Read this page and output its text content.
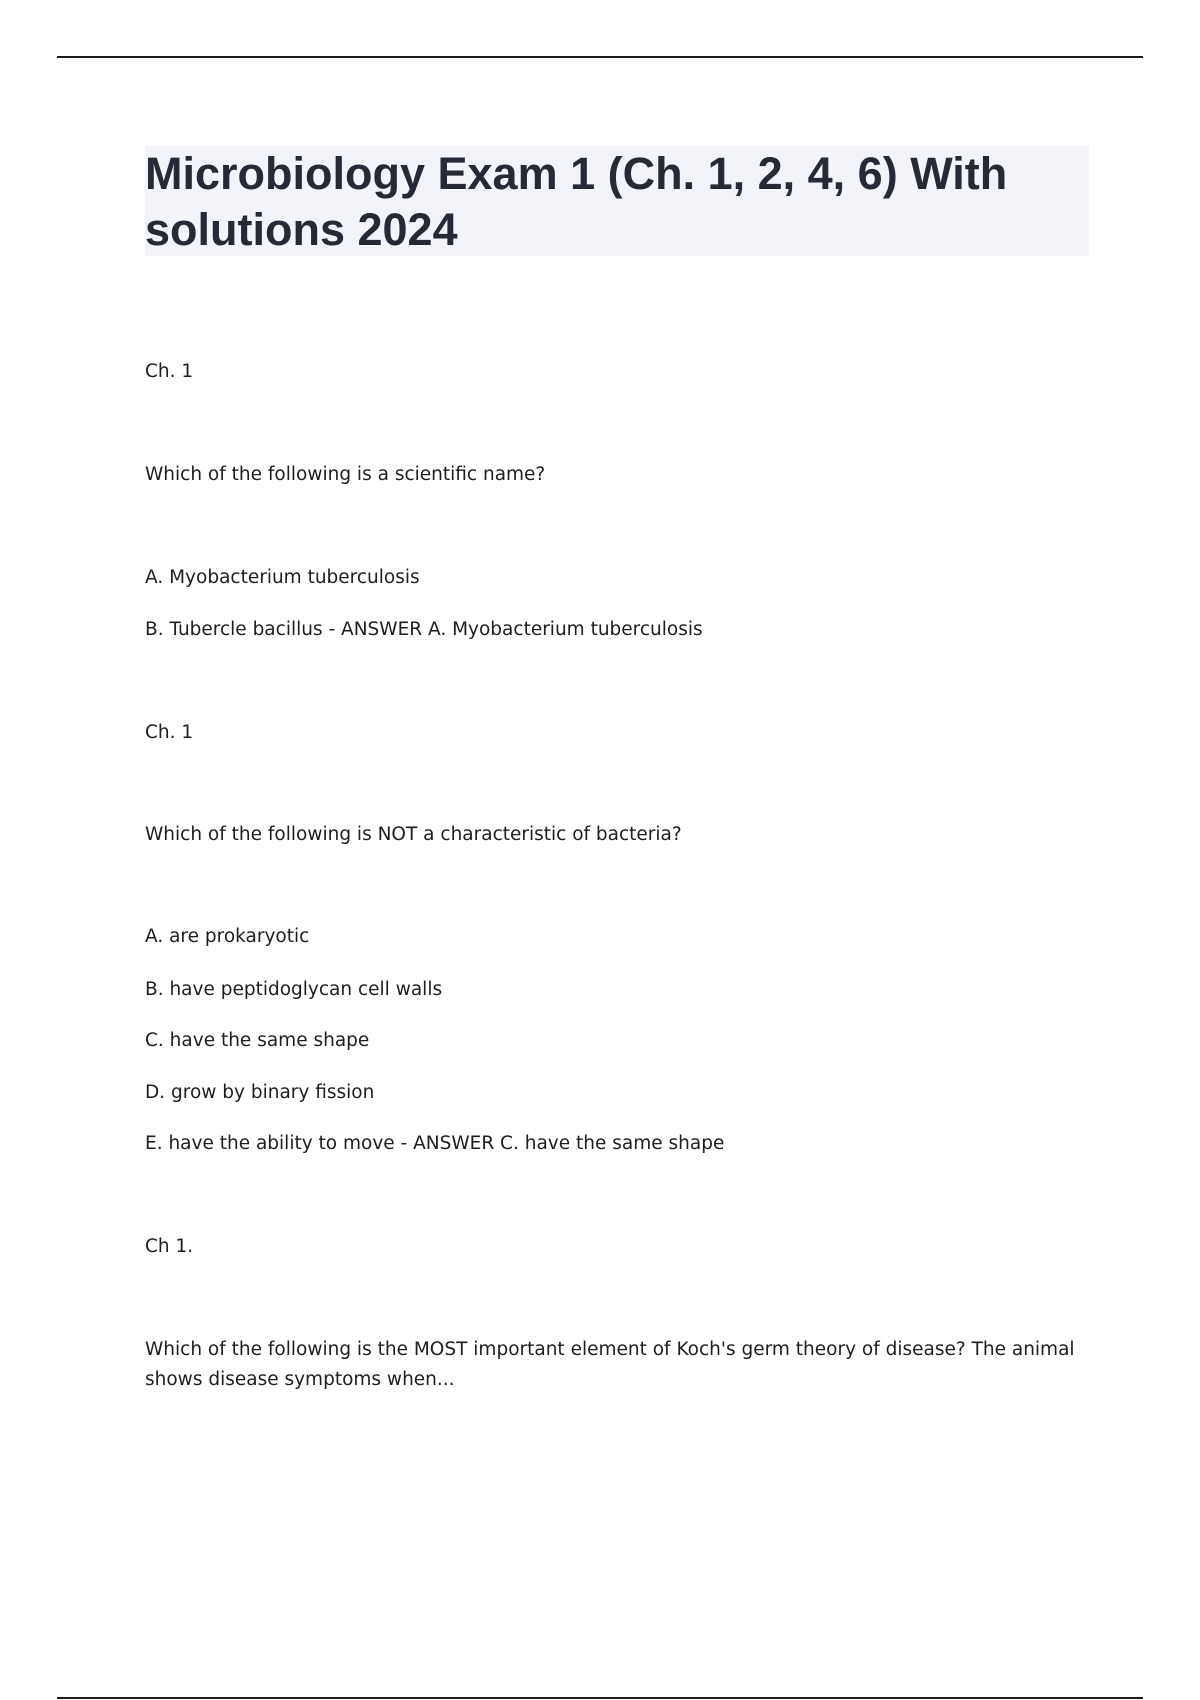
Microbiology Exam 1 (Ch. 1, 2, 4, 6) With solutions 2024

Ch. 1

Which of the following is a scientific name?

A. Myobacterium tuberculosis

B. Tubercle bacillus - ANSWER A. Myobacterium tuberculosis

Ch. 1

Which of the following is NOT a characteristic of bacteria?

A. are prokaryotic

B. have peptidoglycan cell walls

C. have the same shape

D. grow by binary fission

E. have the ability to move - ANSWER C. have the same shape

Ch 1.

Which of the following is the MOST important element of Koch's germ theory of disease? The animal shows disease symptoms when...
